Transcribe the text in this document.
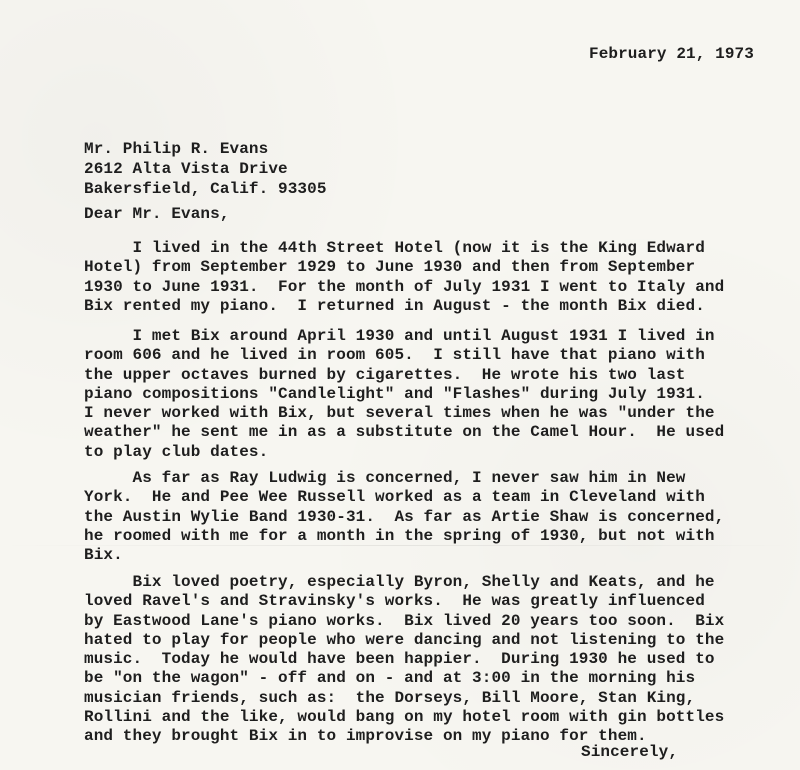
February 21, 1973
Mr. Philip R. Evans
2612 Alta Vista Drive
Bakersfield, Calif. 93305
Dear Mr. Evans,
I lived in the 44th Street Hotel (now it is the King Edward
Hotel) from September 1929 to June 1930 and then from September
1930 to June 1931.  For the month of July 1931 I went to Italy and
Bix rented my piano.  I returned in August - the month Bix died.
I met Bix around April 1930 and until August 1931 I lived in
room 606 and he lived in room 605.  I still have that piano with
the upper octaves burned by cigarettes.  He wrote his two last
piano compositions "Candlelight" and "Flashes" during July 1931.
I never worked with Bix, but several times when he was "under the
weather" he sent me in as a substitute on the Camel Hour.  He used
to play club dates.
As far as Ray Ludwig is concerned, I never saw him in New
York.  He and Pee Wee Russell worked as a team in Cleveland with
the Austin Wylie Band 1930-31.  As far as Artie Shaw is concerned,
he roomed with me for a month in the spring of 1930, but not with
Bix.
Bix loved poetry, especially Byron, Shelly and Keats, and he
loved Ravel's and Stravinsky's works.  He was greatly influenced
by Eastwood Lane's piano works.  Bix lived 20 years too soon.  Bix
hated to play for people who were dancing and not listening to the
music.  Today he would have been happier.  During 1930 he used to
be "on the wagon" - off and on - and at 3:00 in the morning his
musician friends, such as:  the Dorseys, Bill Moore, Stan King,
Rollini and the like, would bang on my hotel room with gin bottles
and they brought Bix in to improvise on my piano for them.
Sincerely,
